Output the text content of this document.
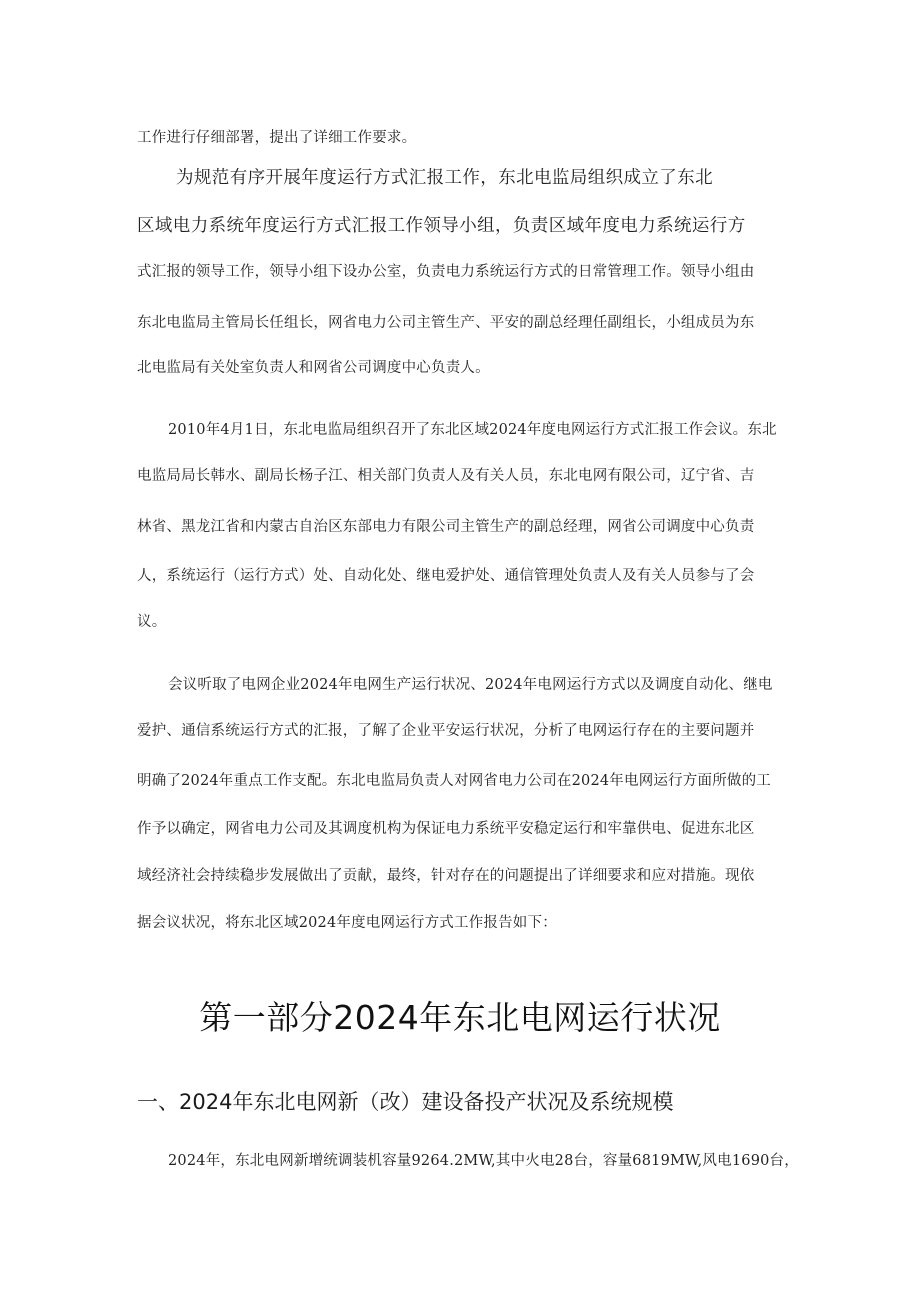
工作进行仔细部署，提出了详细工作要求。
为规范有序开展年度运行方式汇报工作，东北电监局组织成立了东北
区域电力系统年度运行方式汇报工作领导小组，负责区域年度电力系统运行方
式汇报的领导工作，领导小组下设办公室，负责电力系统运行方式的日常管理工作。领导小组由
东北电监局主管局长任组长，网省电力公司主管生产、平安的副总经理任副组长，小组成员为东
北电监局有关处室负责人和网省公司调度中心负责人。
2010年4月1日，东北电监局组织召开了东北区域2024年度电网运行方式汇报工作会议。东北
电监局局长韩水、副局长杨子江、相关部门负责人及有关人员，东北电网有限公司，辽宁省、吉
林省、黑龙江省和内蒙古自治区东部电力有限公司主管生产的副总经理，网省公司调度中心负责
人，系统运行（运行方式）处、自动化处、继电爱护处、通信管理处负责人及有关人员参与了会
议。
会议听取了电网企业2024年电网生产运行状况、2024年电网运行方式以及调度自动化、继电
爱护、通信系统运行方式的汇报，了解了企业平安运行状况，分析了电网运行存在的主要问题并
明确了2024年重点工作支配。东北电监局负责人对网省电力公司在2024年电网运行方面所做的工
作予以确定，网省电力公司及其调度机构为保证电力系统平安稳定运行和牢靠供电、促进东北区
域经济社会持续稳步发展做出了贡献，最终，针对存在的问题提出了详细要求和应对措施。现依
据会议状况，将东北区域2024年度电网运行方式工作报告如下：
第一部分2024年东北电网运行状况
一、2024年东北电网新（改）建设备投产状况及系统规模
2024年，东北电网新增统调装机容量9264.2MW,其中火电28台，容量6819MW,风电1690台，
